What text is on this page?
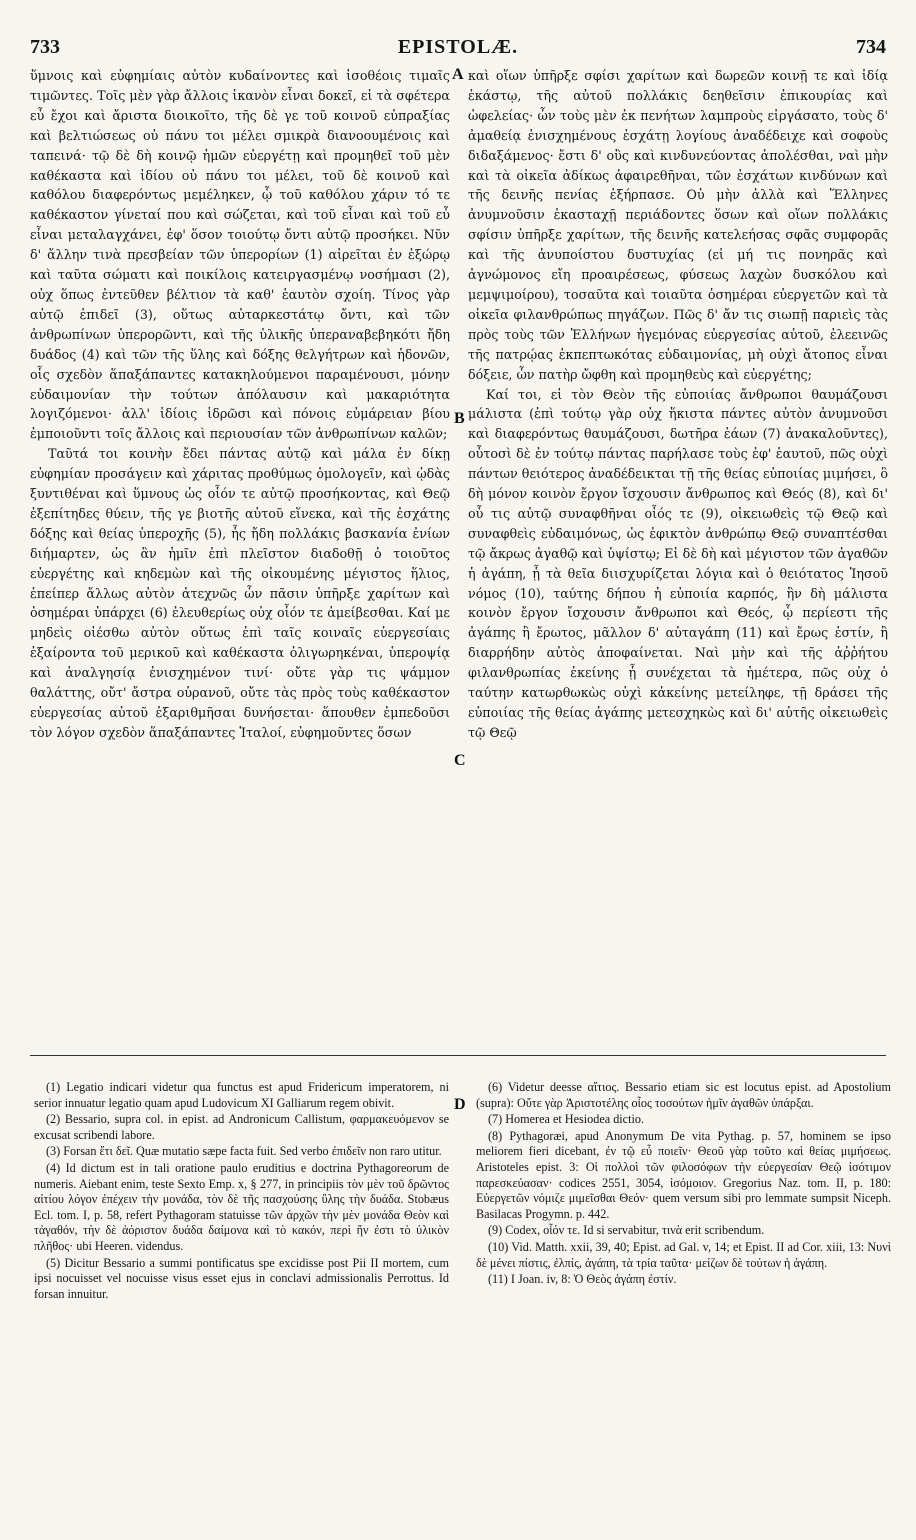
733	EPISTOLÆ.	734

ὕμνοις καὶ εὐφημίαις αὐτὸν κυδαίνοντες καὶ ἰσοθέοις τιμαῖς τιμῶντες. Τοῖς μὲν γὰρ ἄλλοις ἱκανὸν εἶναι δοκεῖ, εἰ τὰ σφέτερα εὖ ἔχοι καὶ ἄριστα διοικοῖτο, τῆς δὲ γε τοῦ κοινοῦ εὐπραξίας καὶ βελτιώσεως οὐ πάνυ τοι μέλει σμικρὰ διανοουμένοις καὶ ταπεινά· τῷ δὲ δὴ κοινῷ ἡμῶν εὐεργέτῃ καὶ προμηθεῖ τοῦ μὲν καθέκαστα καὶ ἰδίου οὐ πάνυ τοι μέλει, τοῦ δὲ κοινοῦ καὶ καθόλου διαφερόντως μεμέληκεν, ᾧ τοῦ καθόλου χάριν τό τε καθέκαστον γίνεταί που καὶ σώζεται, καὶ τοῦ εἶναι καὶ τοῦ εὖ εἶναι μεταλαγχάνει, ἐφ' ὅσον τοιούτῳ ὄντι αὐτῷ προσήκει. Νῦν δ' ἄλλην τινὰ πρεσβείαν τῶν ὑπερορίων (1) αἱρεῖται ἐν ἐξώρῳ καὶ ταῦτα σώματι καὶ ποικίλοις κατειργασμένῳ νοσήμασι (2), οὐχ ὅπως ἐντεῦθεν βέλτιον τὰ καθ' ἑαυτὸν σχοίη. Τίνος γὰρ αὐτῷ ἐπιδεῖ (3), οὕτως αὐταρκεστάτῳ ὄντι, καὶ τῶν ἀνθρωπίνων ὑπερορῶντι, καὶ τῆς ὑλικῆς ὑπεραναβεβηκότι ἤδη δυάδος (4) καὶ τῶν τῆς ὕλης καὶ δόξης θελγήτρων καὶ ἡδονῶν, οἷς σχεδὸν ἅπαξάπαντες κατακηλούμενοι παραμένουσι, μόνην εὐδαιμονίαν τὴν τούτων ἀπόλαυσιν καὶ μακαριότητα λογιζόμενοι· ἀλλ' ἰδίοις ἱδρῶσι καὶ πόνοις εὐμάρειαν βίου ἐμποιοῦντι τοῖς ἄλλοις καὶ περιουσίαν τῶν ἀνθρωπίνων καλῶν;

Ταῦτά τοι κοινὴν ἔδει πάντας αὐτῷ καὶ μάλα ἐν δίκῃ εὐφημίαν προσάγειν καὶ χάριτας προθύμως ὁμολογεῖν, καὶ ᾠδὰς ξυντιθέναι καὶ ὕμνους ὡς οἷόν τε αὐτῷ προσήκοντας, καὶ Θεῷ ἐξεπίτηδες θύειν, τῆς γε βιοτῆς αὐτοῦ εἵνεκα, καὶ τῆς ἐσχάτης δόξης καὶ θείας ὑπεροχῆς (5), ἧς ἤδη πολλάκις βασκανία ἐνίων διήμαρτεν, ὡς ἂν ἡμῖν ἐπὶ πλεῖστον διαδοθῇ ὁ τοιοῦτος εὐεργέτης καὶ κηδεμὼν καὶ τῆς οἰκουμένης μέγιστος ἥλιος, ἐπείπερ ἄλλως αὐτὸν ἀτεχνῶς ὧν πᾶσιν ὑπῆρξε χαρίτων καὶ ὁσημέραι ὑπάρχει (6) ἐλευθερίως οὐχ οἷόν τε ἀμείβεσθαι. Καί με μηδεὶς οἰέσθω αὐτὸν οὕτως ἐπὶ ταῖς κοιναῖς εὐεργεσίαις ἐξαίροντα τοῦ μερικοῦ καὶ καθέκαστα ὀλιγωρηκέναι, ὑπεροψίᾳ καὶ ἀναλγησίᾳ ἐνισχημένον τινί· οὔτε γὰρ τις ψάμμον θαλάττης, οὔτ' ἄστρα οὐρανοῦ, οὔτε τὰς πρὸς τοὺς καθέκαστον εὐεργεσίας αὐτοῦ ἐξαριθμῆσαι δυνήσεται· ἅπουθεν ἐμπεδοῦσι τὸν λόγον σχεδὸν ἅπαξάπαντες Ἰταλοί, εὐφημοῦντες ὅσων

καὶ οἵων ὑπῆρξε σφίσι χαρίτων καὶ δωρεῶν κοινῇ τε καὶ ἰδίᾳ ἑκάστῳ, τῆς αὐτοῦ πολλάκις δεηθεῖσιν ἐπικουρίας καὶ ὠφελείας· ὧν τοὺς μὲν ἐκ πενήτων λαμπροὺς εἰργάσατο, τοὺς δ' ἀμαθείᾳ ἐνισχημένους ἐσχάτῃ λογίους ἀναδέδειχε καὶ σοφοὺς διδαξάμενος· ἔστι δ' οὓς καὶ κινδυνεύοντας ἀπολέσθαι, ναὶ μὴν καὶ τὰ οἰκεῖα ἀδίκως ἀφαιρεθῆναι, τῶν ἐσχάτων κινδύνων καὶ τῆς δεινῆς πενίας ἐξήρπασε. Οὐ μὴν ἀλλὰ καὶ Ἕλληνες ἀνυμνοῦσιν ἑκασταχῇ περιάδοντες ὅσων καὶ οἵων πολλάκις σφίσιν ὑπῆρξε χαρίτων, τῆς δεινῆς κατελεήσας σφᾶς συμφορᾶς καὶ τῆς ἀνυποίστου δυστυχίας (εἰ μή τις πονηρᾶς καὶ ἀγνώμονος εἴη προαιρέσεως, φύσεως λαχὼν δυσκόλου καὶ μεμψιμοίρου), τοσαῦτα καὶ τοιαῦτα ὁσημέραι εὐεργετῶν καὶ τὰ οἰκεῖα φιλανθρώπως πηγάζων. Πῶς δ' ἄν τις σιωπῇ παριεὶς τὰς πρὸς τοὺς τῶν Ἑλλήνων ἡγεμόνας εὐεργεσίας αὐτοῦ, ἐλεεινῶς τῆς πατρῴας ἐκπεπτωκότας εὐδαιμονίας, μὴ οὐχὶ ἄτοπος εἶναι δόξειε, ὧν πατὴρ ὤφθη καὶ προμηθεὺς καὶ εὐεργέτης;

Καί τοι, εἰ τὸν Θεὸν τῆς εὐποιίας ἄνθρωποι θαυμάζουσι μάλιστα (ἐπὶ τούτῳ γὰρ οὐχ ἥκιστα πάντες αὐτὸν ἀνυμνοῦσι καὶ διαφερόντως θαυμάζουσι, δωτῆρα ἑάων (7) ἀνακαλοῦντες), οὗτοσὶ δὲ ἐν τούτῳ πάντας παρήλασε τοὺς ἐφ' ἑαυτοῦ, πῶς οὐχὶ πάντων θειότερος ἀναδέδεικται τῇ τῆς θείας εὐποιίας μιμήσει, ὃ δὴ μόνον κοινὸν ἔργον ἴσχουσιν ἄνθρωπος καὶ Θεός (8), καὶ δι' οὗ τις αὐτῷ συναφθῆναι οἷός τε (9), οἰκειωθεὶς τῷ Θεῷ καὶ συναφθεὶς εὐδαιμόνως, ὡς ἐφικτὸν ἀνθρώπῳ Θεῷ συναπτέσθαι τῷ ἄκρως ἀγαθῷ καὶ ὑψίστῳ; Εἰ δὲ δὴ καὶ μέγιστον τῶν ἀγαθῶν ἡ ἀγάπη, ᾗ τὰ θεῖα διισχυρίζεται λόγια καὶ ὁ θειότατος Ἰησοῦ νόμος (10), ταύτης δήπου ἡ εὐποιία καρπός, ἣν δὴ μάλιστα κοινὸν ἔργον ἴσχουσιν ἄνθρωποι καὶ Θεός, ᾧ περίεστι τῆς ἀγάπης ἢ ἔρωτος, μᾶλλον δ' αὐταγάπη (11) καὶ ἔρως ἐστίν, ἢ διαρρήδην αὐτὸς ἀποφαίνεται. Ναὶ μὴν καὶ τῆς ἀῤῥήτου φιλανθρωπίας ἐκείνης ᾗ συνέχεται τὰ ἡμέτερα, πῶς οὐχ ὁ ταύτην κατωρθωκὼς οὐχὶ κἀκείνης μετείληφε, τῇ δράσει τῆς εὐποιίας τῆς θείας ἀγάπης μετεσχηκὼς καὶ δι' αὐτῆς οἰκειωθεὶς τῷ Θεῷ

A
B
C
D

(1) Legatio indicari videtur qua functus est apud Fridericum imperatorem, ni serior innuatur legatio quam apud Ludovicum XI Galliarum regem obivit.

(2) Bessario, supra col. in epist. ad Andronicum Callistum, φαρμακευόμενον se excusat scribendi labore.

(3) Forsan ἔτι δεῖ. Quæ mutatio sæpe facta fuit. Sed verbo ἐπιδεῖν non raro utitur.

(4) Id dictum est in tali oratione paulo eruditius e doctrina Pythagoreorum de numeris. Aiebant enim, teste Sexto Emp. x, § 277, in principiis τὸν μὲν τοῦ δρῶντος αἰτίου λόγον ἐπέχειν τὴν μονάδα, τὸν δὲ τῆς πασχούσης ὕλης τὴν δυάδα. Stobæus Ecl. tom. I, p. 58, refert Pythagoram statuisse τῶν ἀρχῶν τὴν μὲν μονάδα Θεὸν καὶ τἀγαθόν, τὴν δὲ ἀόριστον δυάδα δαίμονα καὶ τὸ κακόν, περὶ ἥν ἐστι τὸ ὑλικὸν πλῆθος· ubi Heeren. videndus.

(5) Dicitur Bessario a summi pontificatus spe excidisse post Pii II mortem, cum ipsi nocuisset vel nocuisse visus esset ejus in conclavi admissionalis Perrottus. Id forsan innuitur.

(6) Videtur deesse αἴτιος. Bessario etiam sic est locutus epist. ad Apostolium (supra): Οὔτε γὰρ Ἀριστοτέλης οἷος τοσούτων ἡμῖν ἀγαθῶν ὑπάρξαι.

(7) Homerea et Hesiodea dictio.

(8) Pythagoræi, apud Anonymum De vita Pythag. p. 57, hominem se ipso meliorem fieri dicebant, ἐν τῷ εὖ ποιεῖν· Θεοῦ γὰρ τοῦτο καὶ θείας μιμήσεως. Aristoteles epist. 3: Οἱ πολλοὶ τῶν φιλοσόφων τὴν εὐεργεσίαν Θεῷ ἰσότιμον παρεσκεύασαν· codices 2551, 3054, ἰσόμοιον. Gregorius Naz. tom. II, p. 180: Εὐεργετῶν νόμιζε μιμεῖσθαι Θεόν· quem versum sibi pro lemmate sumpsit Niceph. Basilacas Progymn. p. 442.

(9) Codex, οἷόν τε. Id si servabitur, τινὰ erit scribendum.

(10) Vid. Matth. xxii, 39, 40; Epist. ad Gal. v, 14; et Epist. II ad Cor. xiii, 13: Νυνὶ δὲ μένει πίστις, ἐλπίς, ἀγάπη, τὰ τρία ταῦτα· μείζων δὲ τούτων ἡ ἀγάπη.

(11) I Joan. iv, 8: Ὁ Θεὸς ἀγάπη ἐστίν.
